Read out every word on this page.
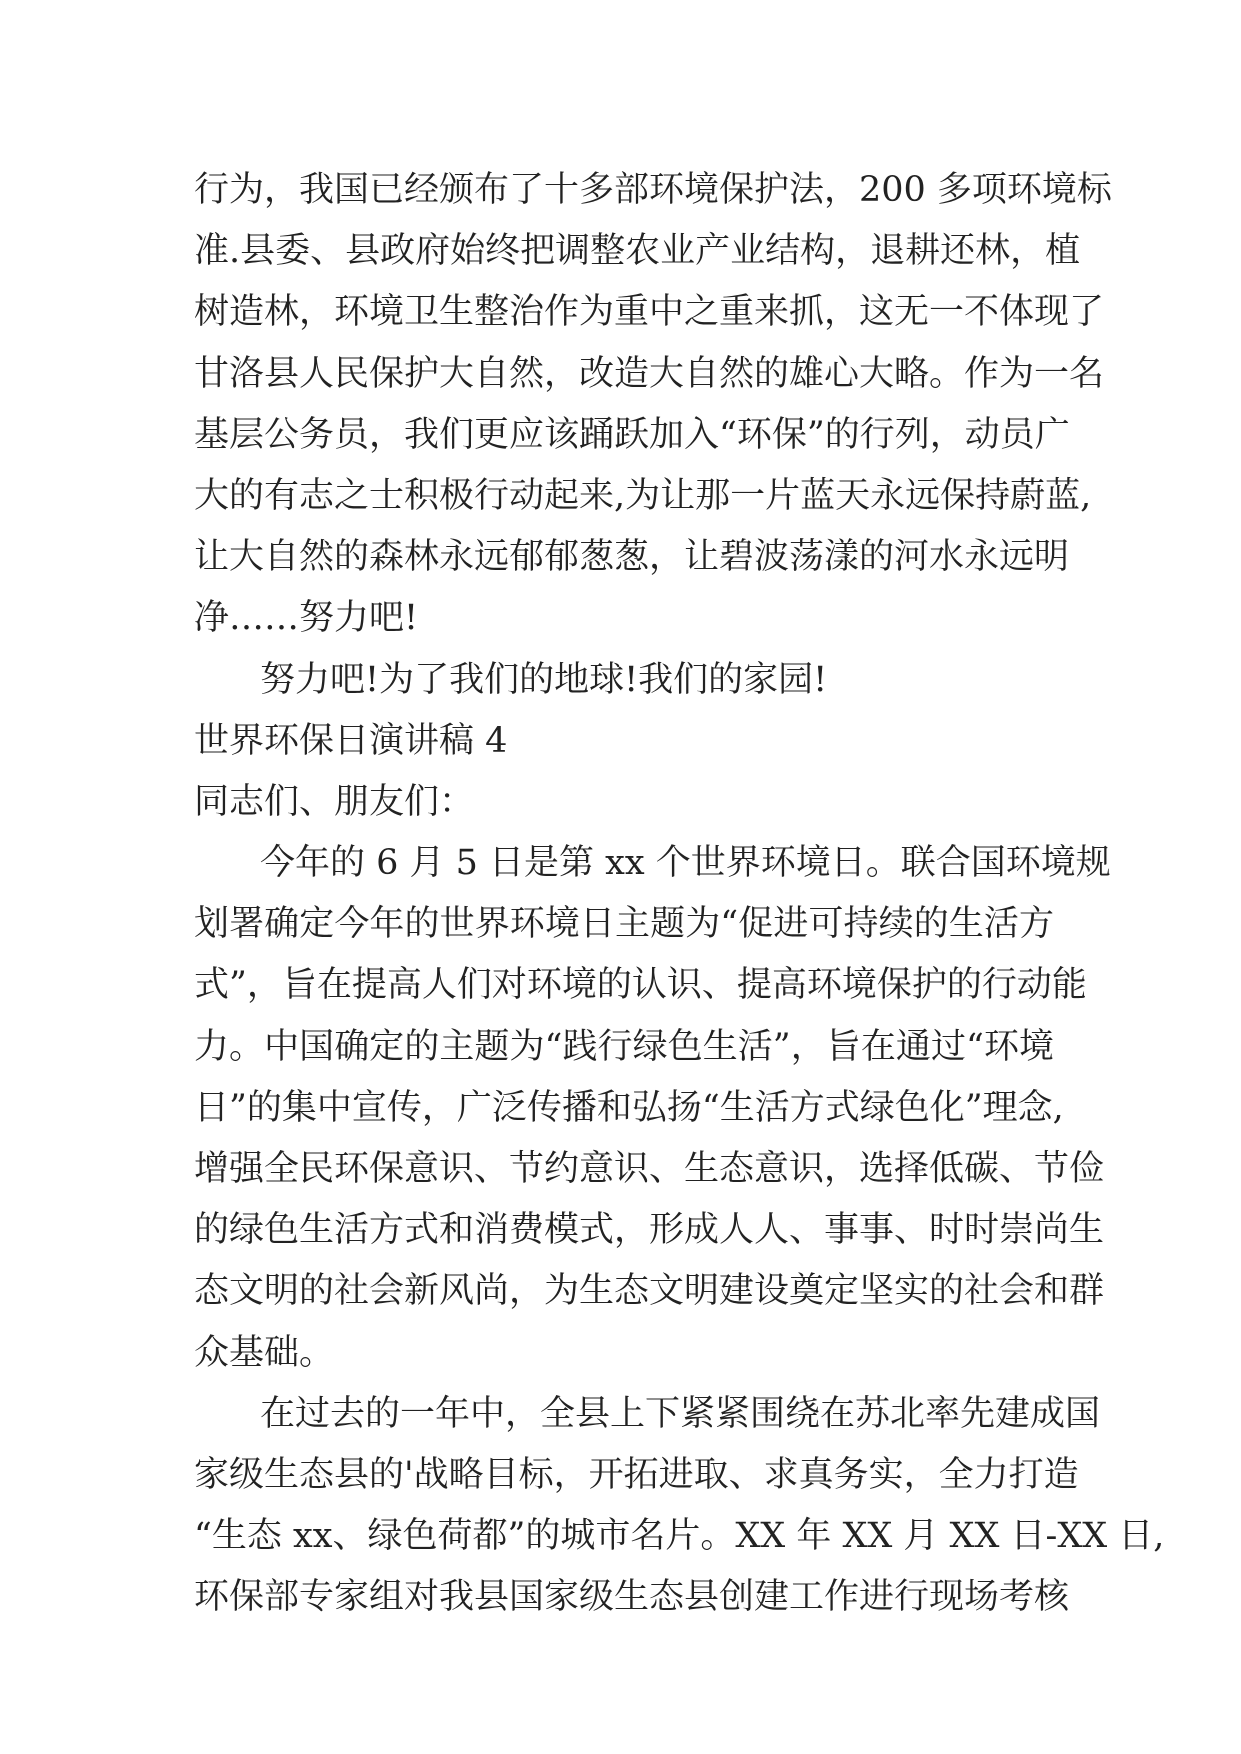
行为，我国已经颁布了十多部环境保护法，200 多项环境标
准.县委、县政府始终把调整农业产业结构，退耕还林，植
树造林，环境卫生整治作为重中之重来抓，这无一不体现了
甘洛县人民保护大自然，改造大自然的雄心大略。作为一名
基层公务员，我们更应该踊跃加入“环保”的行列，动员广
大的有志之士积极行动起来,为让那一片蓝天永远保持蔚蓝,
让大自然的森林永远郁郁葱葱，让碧波荡漾的河水永远明
净……努力吧!
努力吧!为了我们的地球!我们的家园!
世界环保日演讲稿 4
同志们、朋友们：
今年的 6 月 5 日是第 xx 个世界环境日。联合国环境规
划署确定今年的世界环境日主题为“促进可持续的生活方
式”，旨在提高人们对环境的认识、提高环境保护的行动能
力。中国确定的主题为“践行绿色生活”，旨在通过“环境
日”的集中宣传，广泛传播和弘扬“生活方式绿色化”理念,
增强全民环保意识、节约意识、生态意识，选择低碳、节俭
的绿色生活方式和消费模式，形成人人、事事、时时崇尚生
态文明的社会新风尚，为生态文明建设奠定坚实的社会和群
众基础。
在过去的一年中，全县上下紧紧围绕在苏北率先建成国
家级生态县的'战略目标，开拓进取、求真务实，全力打造
“生态 xx、绿色荷都”的城市名片。XX 年 XX 月 XX 日-XX 日,
环保部专家组对我县国家级生态县创建工作进行现场考核
